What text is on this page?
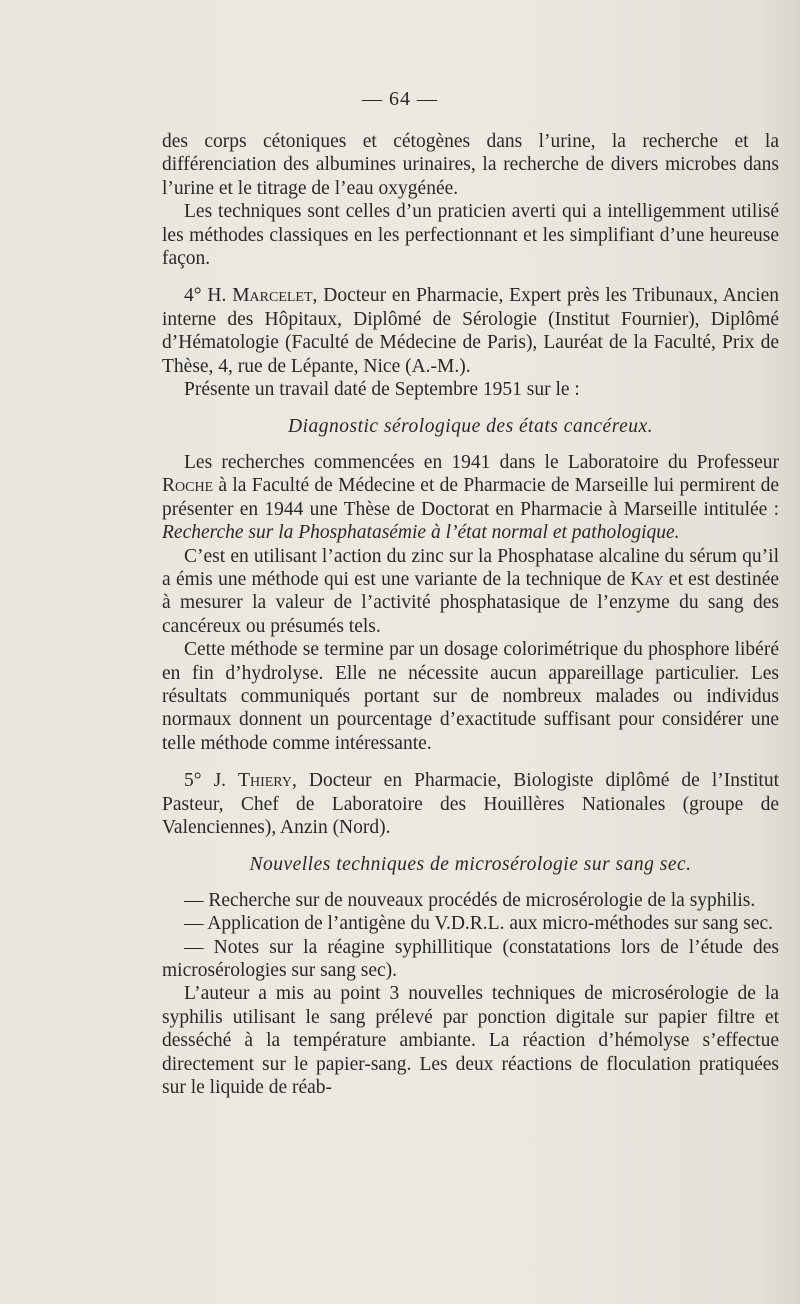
— 64 —

des corps cétoniques et cétogènes dans l’urine, la recherche et la différenciation des albumines urinaires, la recherche de divers microbes dans l’urine et le titrage de l’eau oxygénée.

Les techniques sont celles d’un praticien averti qui a intelligemment utilisé les méthodes classiques en les perfectionnant et les simplifiant d’une heureuse façon.

4° H. Marcelet, Docteur en Pharmacie, Expert près les Tribunaux, Ancien interne des Hôpitaux, Diplômé de Sérologie (Institut Fournier), Diplômé d’Hématologie (Faculté de Médecine de Paris), Lauréat de la Faculté, Prix de Thèse, 4, rue de Lépante, Nice (A.-M.).

Présente un travail daté de Septembre 1951 sur le :

Diagnostic sérologique des états cancéreux.

Les recherches commencées en 1941 dans le Laboratoire du Professeur Roche à la Faculté de Médecine et de Pharmacie de Marseille lui permirent de présenter en 1944 une Thèse de Doctorat en Pharmacie à Marseille intitulée : Recherche sur la Phosphatasémie à l’état normal et pathologique.

C’est en utilisant l’action du zinc sur la Phosphatase alcaline du sérum qu’il a émis une méthode qui est une variante de la technique de Kay et est destinée à mesurer la valeur de l’activité phosphatasique de l’enzyme du sang des cancéreux ou présumés tels.

Cette méthode se termine par un dosage colorimétrique du phosphore libéré en fin d’hydrolyse. Elle ne nécessite aucun appareillage particulier. Les résultats communiqués portant sur de nombreux malades ou individus normaux donnent un pourcentage d’exactitude suffisant pour considérer une telle méthode comme intéressante.

5° J. Thiery, Docteur en Pharmacie, Biologiste diplômé de l’Institut Pasteur, Chef de Laboratoire des Houillères Nationales (groupe de Valenciennes), Anzin (Nord).

Nouvelles techniques de microsérologie sur sang sec.

— Recherche sur de nouveaux procédés de microsérologie de la syphilis.

— Application de l’antigène du V.D.R.L. aux micro-méthodes sur sang sec.

— Notes sur la réagine syphillitique (constatations lors de l’étude des microsérologies sur sang sec).

L’auteur a mis au point 3 nouvelles techniques de microsérologie de la syphilis utilisant le sang prélevé par ponction digitale sur papier filtre et desséché à la température ambiante. La réaction d’hémolyse s’effectue directement sur le papier-sang. Les deux réactions de floculation pratiquées sur le liquide de réab-
